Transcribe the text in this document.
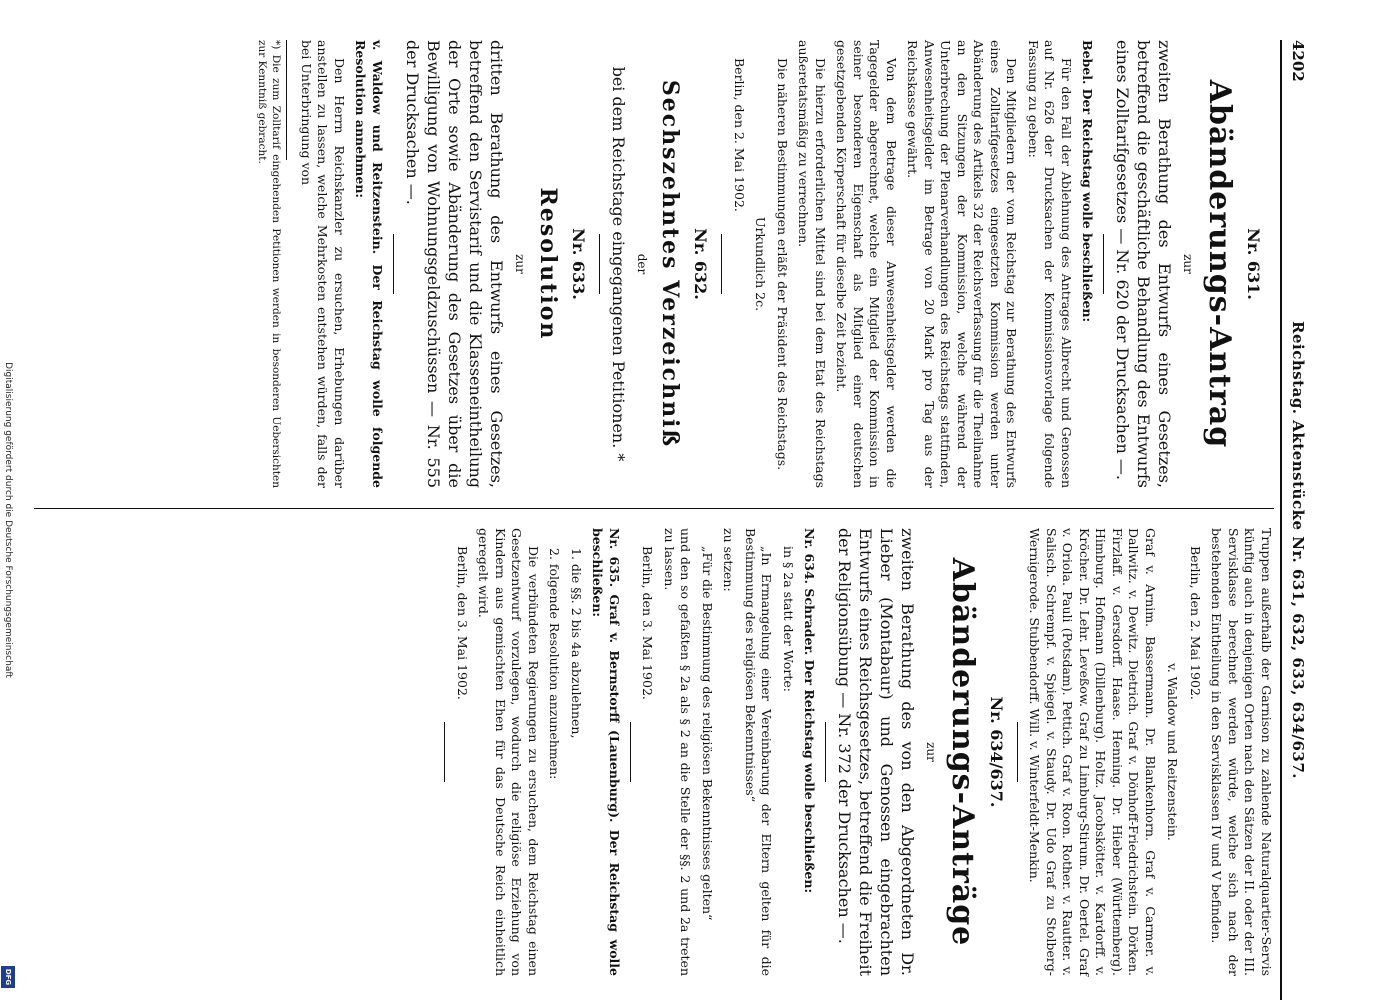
4202
Reichstag. Aktenstücke Nr. 631, 632, 633, 634/637.
Nr. 631.
Abänderungs-Antrag
zur
zweiten Berathung des Entwurfs eines Gesetzes, betreffend die geschäftliche Behandlung des Entwurfs eines Zolltarifgesetzes — Nr. 620 der Drucksachen —.

Bebel. Der Reichstag wolle beschließen:

Für den Fall der Ablehnung des Antrages Albrecht und Genossen auf Nr. 626 der Drucksachen der Kommissionsvorlage folgende Fassung zu geben:

Den Mitgliedern der vom Reichstag zur Berathung des Entwurfs eines Zolltarifgesetzes eingesetzten Kommission werden unter Abänderung des Artikels 32 der Reichsverfassung für die Theilnahme an den Sitzungen der Kommission, welche während der Unterbrechung der Plenarverhandlungen des Reichstags stattfinden, Anwesenheitsgelder im Betrage von 20 Mark pro Tag aus der Reichskasse gewährt.

Von dem Betrage dieser Anwesenheitsgelder werden die Tagegelder abgerechnet, welche ein Mitglied der Kommission in seiner besonderen Eigenschaft als Mitglied einer deutschen gesetzgebenden Körperschaft für dieselbe Zeit bezieht.

Die hierzu erforderlichen Mittel sind bei dem Etat des Reichstags außeretatsmäßig zu verrechnen.

Die näheren Bestimmungen erläßt der Präsident des Reichstags.

Urkundlich 2c.

Berlin, den 2. Mai 1902.

Nr. 632.
Sechszehntes Verzeichniß
der
bei dem Reichstage eingegangenen Petitionen. *
Nr. 633.
Resolution
zur
dritten Berathung des Entwurfs eines Gesetzes, betreffend den Servistarif und die Klasseneintheilung der Orte sowie Abänderung des Gesetzes über die Bewilligung von Wohnungsgeldzuschüssen — Nr. 555 der Drucksachen —.

v. Waldow und Reitzenstein. Der Reichstag wolle folgende Resolution annehmen:

Den Herrn Reichskanzler zu ersuchen, Erhebungen darüber anstellen zu lassen, welche Mehrkosten entstehen würden, falls der bei Unterbringung von

*) Die zum Zolltarif eingehenden Petitionen werden in besonderen Uebersichten zur Kenntniß gebracht.

Truppen außerhalb der Garnison zu zahlende Naturalquartier-Servis künftig auch in denjenigen Orten nach den Sätzen der II. oder der III. Servisklasse berechnet werden würde, welche sich nach der bestehenden Eintheilung in den Servisklassen IV und V befinden.

Berlin, den 2. Mai 1902.

v. Waldow und Reitzenstein.

Graf v. Arnim. Bassermann. Dr. Blankenhorn. Graf v. Carmer. v. Dallwitz. v. Dewitz. Dietrich. Graf v. Dönhoff-Friedrichstein. Dörken. Firzlaff. v. Gersdorff. Haase. Henning. Dr. Hieber (Württemberg). Himburg. Hofmann (Dillenburg). Holtz. Jacobskötter. v. Kardorff. v. Kröcher. Dr. Lehr. Leveßow. Graf zu Limburg-Stirum. Dr. Oertel. Graf v. Oriola. Pauli (Potsdam). Pettich. Graf v. Roon. Rother. v. Rautter. v. Salisch. Schrempf. v. Spiegel. v. Staudy. Dr. Udo Graf zu Stolberg-Wernigerode. Stubbendorff. Will. v. Winterfeldt-Menkin.

Nr. 634/637.
Abänderungs-Anträge
zur
zweiten Berathung des von den Abgeordneten Dr. Lieber (Montabaur) und Genossen eingebrachten Entwurfs eines Reichsgesetzes, betreffend die Freiheit der Religionsübung — Nr. 372 der Drucksachen —.

Nr. 634. Schrader. Der Reichstag wolle beschließen:

in § 2a statt der Worte:

„In Ermangelung einer Vereinbarung der Eltern gelten für die Bestimmung des religiösen Bekenntnisses“

zu setzen:

„Für die Bestimmung des religiösen Bekenntnisses gelten“

und den so gefaßten § 2a als § 2 an die Stelle der §§. 2 und 2a treten zu lassen.

Berlin, den 3. Mai 1902.

Nr. 635. Graf v. Bernstorff (Lauenburg). Der Reichstag wolle beschließen:

1. die §§. 2 bis 4a abzulehnen,

2. folgende Resolution anzunehmen:

Die verbündeten Regierungen zu ersuchen, dem Reichstag einen Gesetzentwurf vorzulegen, wodurch die religiöse Erziehung von Kindern aus gemischten Ehen für das Deutsche Reich einheitlich geregelt wird.

Berlin, den 3. Mai 1902.

Digitalisierung gefördert durch die Deutsche Forschungsgemeinschaft
DFG
